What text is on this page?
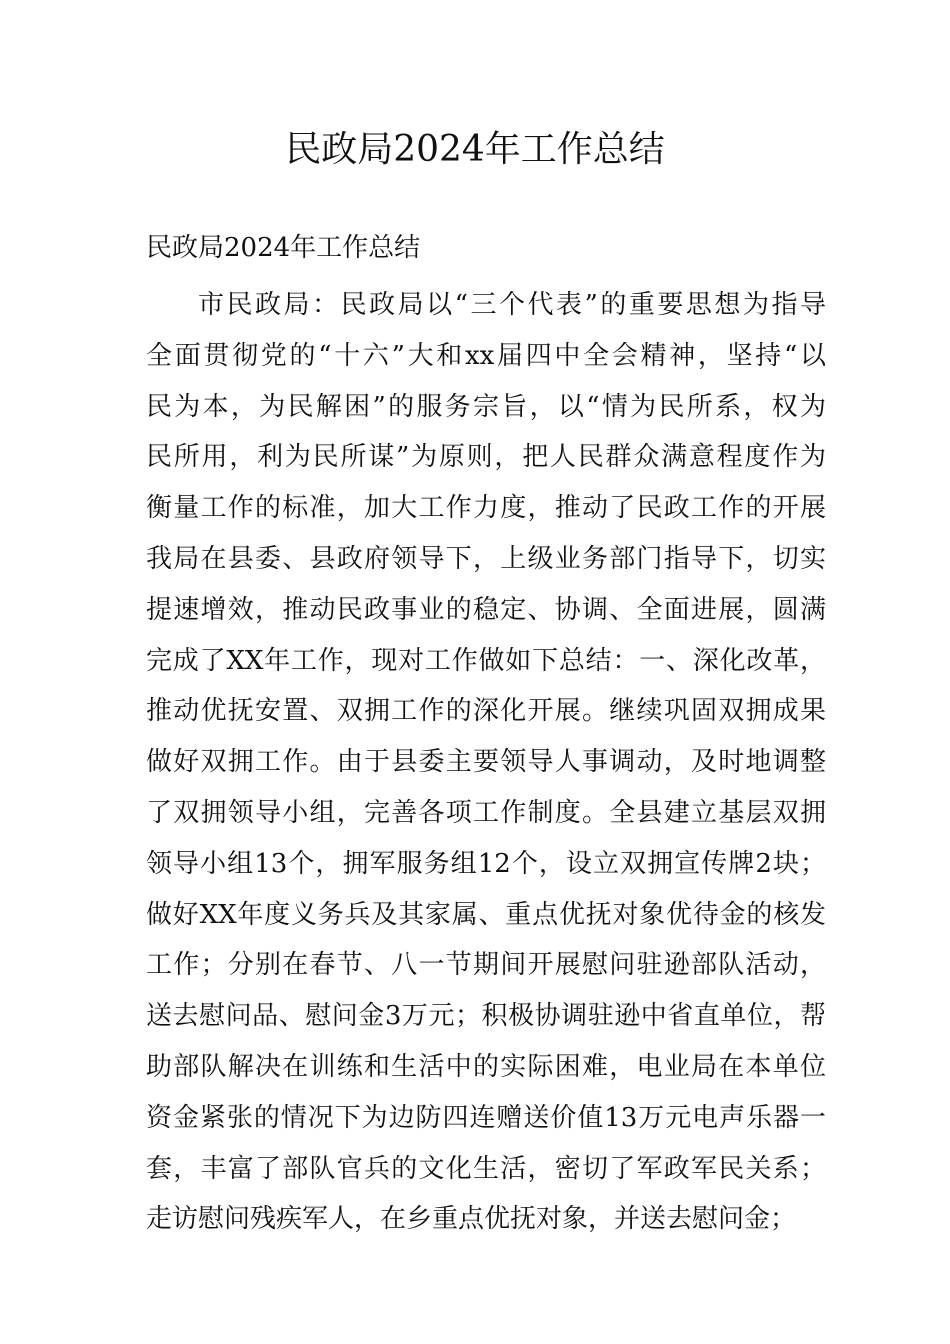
民政局2024年工作总结

民政局2024年工作总结

市民政局：民政局以“三个代表”的重要思想为指导
全面贯彻党的“十六”大和xx届四中全会精神，坚持“以
民为本，为民解困”的服务宗旨，以“情为民所系，权为
民所用，利为民所谋”为原则，把人民群众满意程度作为
衡量工作的标准，加大工作力度，推动了民政工作的开展
我局在县委、县政府领导下，上级业务部门指导下，切实
提速增效，推动民政事业的稳定、协调、全面进展，圆满
完成了XX年工作，现对工作做如下总结：一、深化改革，
推动优抚安置、双拥工作的深化开展。继续巩固双拥成果
做好双拥工作。由于县委主要领导人事调动，及时地调整
了双拥领导小组，完善各项工作制度。全县建立基层双拥
领导小组13个，拥军服务组12个，设立双拥宣传牌2块；
做好XX年度义务兵及其家属、重点优抚对象优待金的核发
工作；分别在春节、八一节期间开展慰问驻逊部队活动，
送去慰问品、慰问金3万元；积极协调驻逊中省直单位，帮
助部队解决在训练和生活中的实际困难，电业局在本单位
资金紧张的情况下为边防四连赠送价值13万元电声乐器一
套，丰富了部队官兵的文化生活，密切了军政军民关系；
走访慰问残疾军人，在乡重点优抚对象，并送去慰问金；
